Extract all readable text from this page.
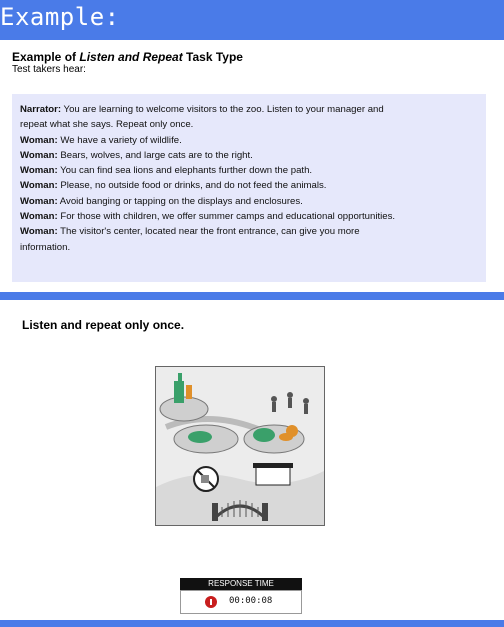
Example:
Example of Listen and Repeat Task Type
Test takers hear:
Narrator: You are learning to welcome visitors to the zoo. Listen to your manager and
repeat what she says. Repeat only once.
Woman: We have a variety of wildlife.
Woman: Bears, wolves, and large cats are to the right.
Woman: You can find sea lions and elephants further down the path.
Woman: Please, no outside food or drinks, and do not feed the animals.
Woman: Avoid banging or tapping on the displays and enclosures.
Woman: For those with children, we offer summer camps and educational opportunities.
Woman: The visitor's center, located near the front entrance, can give you more
information.
Listen and repeat only once.
RESPONSE TIME
00:00:08
